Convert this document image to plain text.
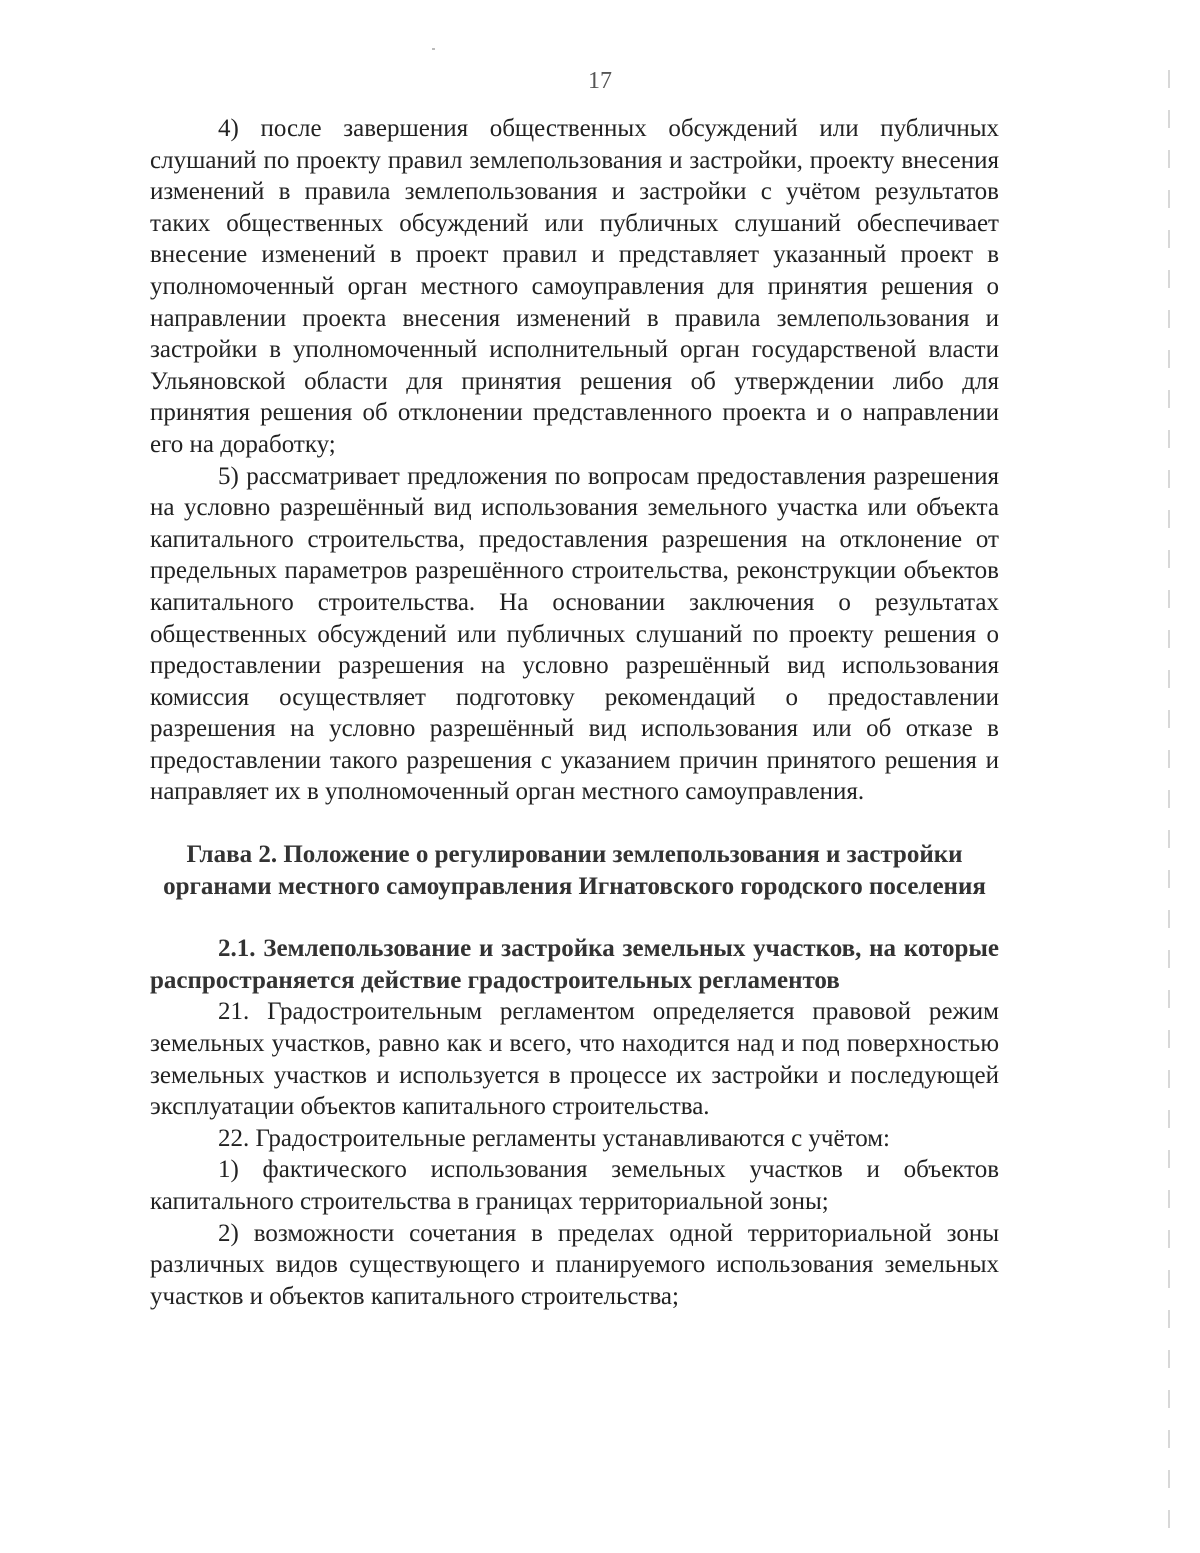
17

4) после завершения общественных обсуждений или публичных слушаний по проекту правил землепользования и застройки, проекту внесения изменений в правила землепользования и застройки с учётом результатов таких общественных обсуждений или публичных слушаний обеспечивает внесение изменений в проект правил и представляет указанный проект в уполномоченный орган местного самоуправления для принятия решения о направлении проекта внесения изменений в правила землепользования и застройки в уполномоченный исполнительный орган государственой власти Ульяновской области для принятия решения об утверждении либо для принятия решения об отклонении представленного проекта и о направлении его на доработку;

5) рассматривает предложения по вопросам предоставления разрешения на условно разрешённый вид использования земельного участка или объекта капитального строительства, предоставления разрешения на отклонение от предельных параметров разрешённого строительства, реконструкции объектов капитального строительства. На основании заключения о результатах общественных обсуждений или публичных слушаний по проекту решения о предоставлении разрешения на условно разрешённый вид использования комиссия осуществляет подготовку рекомендаций о предоставлении разрешения на условно разрешённый вид использования или об отказе в предоставлении такого разрешения с указанием причин принятого решения и направляет их в уполномоченный орган местного самоуправления.

Глава 2. Положение о регулировании землепользования и застройки органами местного самоуправления Игнатовского городского поселения
2.1. Землепользование и застройка земельных участков, на которые распространяется действие градостроительных регламентов

21. Градостроительным регламентом определяется правовой режим земельных участков, равно как и всего, что находится над и под поверхностью земельных участков и используется в процессе их застройки и последующей эксплуатации объектов капитального строительства.

22. Градостроительные регламенты устанавливаются с учётом:

1) фактического использования земельных участков и объектов капитального строительства в границах территориальной зоны;

2) возможности сочетания в пределах одной территориальной зоны различных видов существующего и планируемого использования земельных участков и объектов капитального строительства;
